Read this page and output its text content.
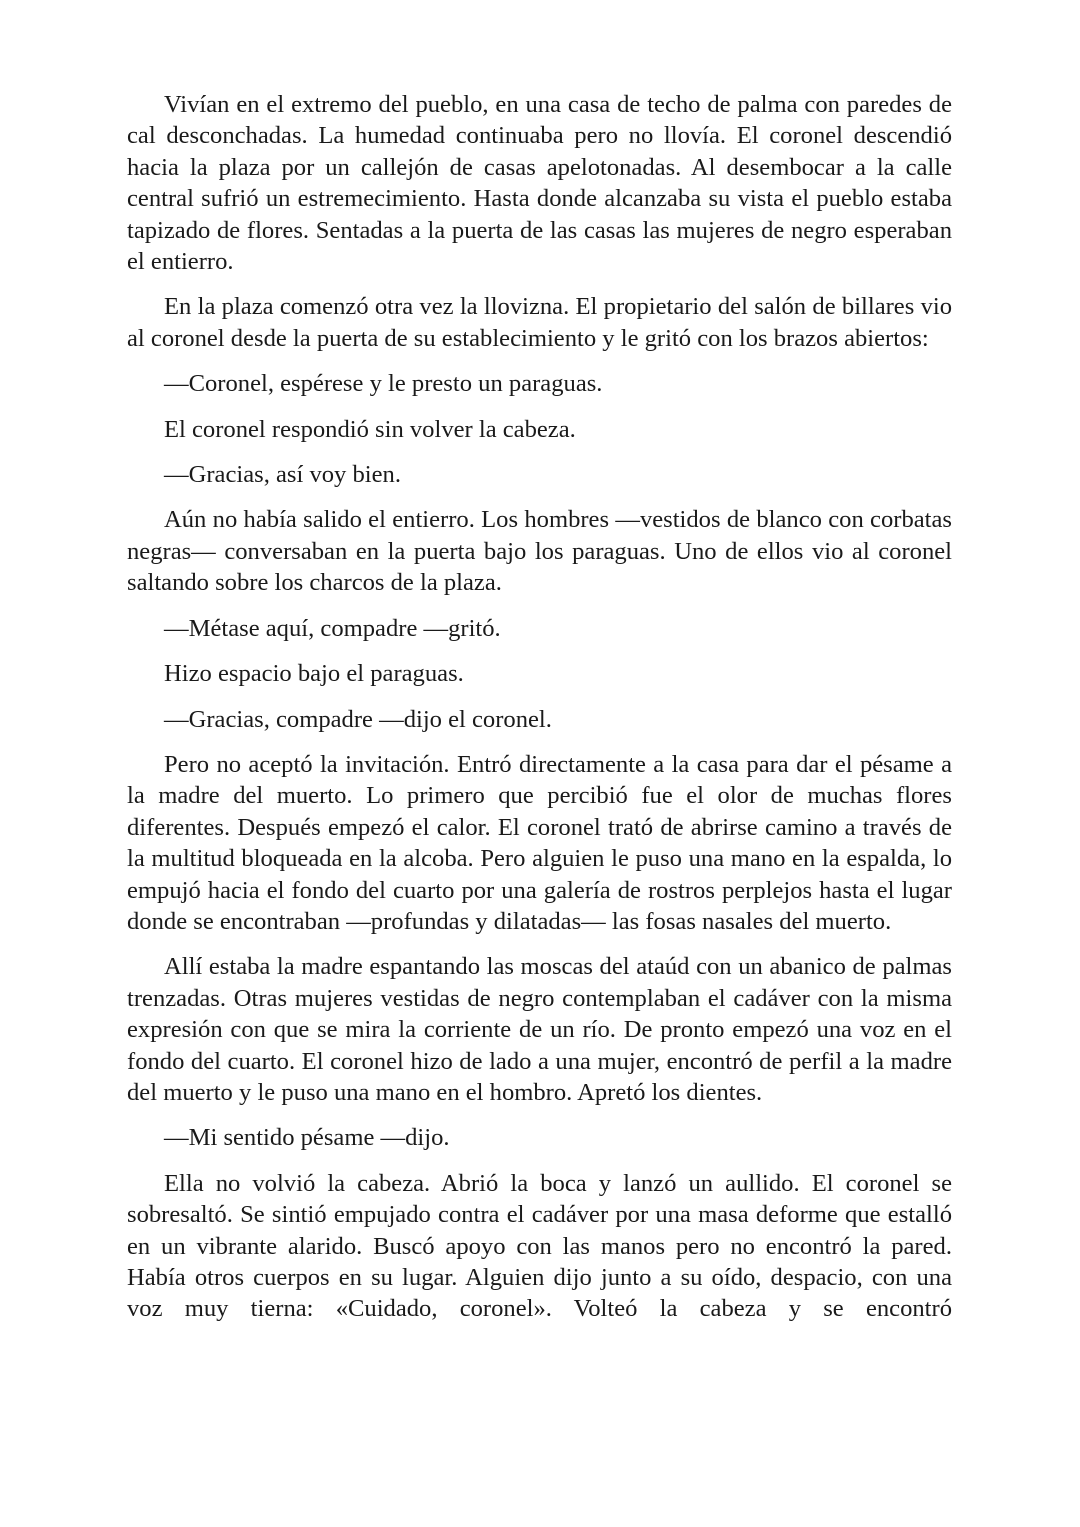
Vivían en el extremo del pueblo, en una casa de techo de palma con paredes de cal desconchadas. La humedad continuaba pero no llovía. El coronel descendió hacia la plaza por un callejón de casas apelotonadas. Al desembocar a la calle central sufrió un estremecimiento. Hasta donde alcanzaba su vista el pueblo estaba tapizado de flores. Sentadas a la puerta de las casas las mujeres de negro esperaban el entierro.

En la plaza comenzó otra vez la llovizna. El propietario del salón de billares vio al coronel desde la puerta de su establecimiento y le gritó con los brazos abiertos:

—Coronel, espérese y le presto un paraguas.

El coronel respondió sin volver la cabeza.

—Gracias, así voy bien.

Aún no había salido el entierro. Los hombres —vestidos de blanco con corbatas negras— conversaban en la puerta bajo los paraguas. Uno de ellos vio al coronel saltando sobre los charcos de la plaza.

—Métase aquí, compadre —gritó.

Hizo espacio bajo el paraguas.

—Gracias, compadre —dijo el coronel.

Pero no aceptó la invitación. Entró directamente a la casa para dar el pésame a la madre del muerto. Lo primero que percibió fue el olor de muchas flores diferentes. Después empezó el calor. El coronel trató de abrirse camino a través de la multitud bloqueada en la alcoba. Pero alguien le puso una mano en la espalda, lo empujó hacia el fondo del cuarto por una galería de rostros perplejos hasta el lugar donde se encontraban —profundas y dilatadas— las fosas nasales del muerto.

Allí estaba la madre espantando las moscas del ataúd con un abanico de palmas trenzadas. Otras mujeres vestidas de negro contemplaban el cadáver con la misma expresión con que se mira la corriente de un río. De pronto empezó una voz en el fondo del cuarto. El coronel hizo de lado a una mujer, encontró de perfil a la madre del muerto y le puso una mano en el hombro. Apretó los dientes.

—Mi sentido pésame —dijo.

Ella no volvió la cabeza. Abrió la boca y lanzó un aullido. El coronel se sobresaltó. Se sintió empujado contra el cadáver por una masa deforme que estalló en un vibrante alarido. Buscó apoyo con las manos pero no encontró la pared. Había otros cuerpos en su lugar. Alguien dijo junto a su oído, despacio, con una voz muy tierna: «Cuidado, coronel». Volteó la cabeza y se encontró
